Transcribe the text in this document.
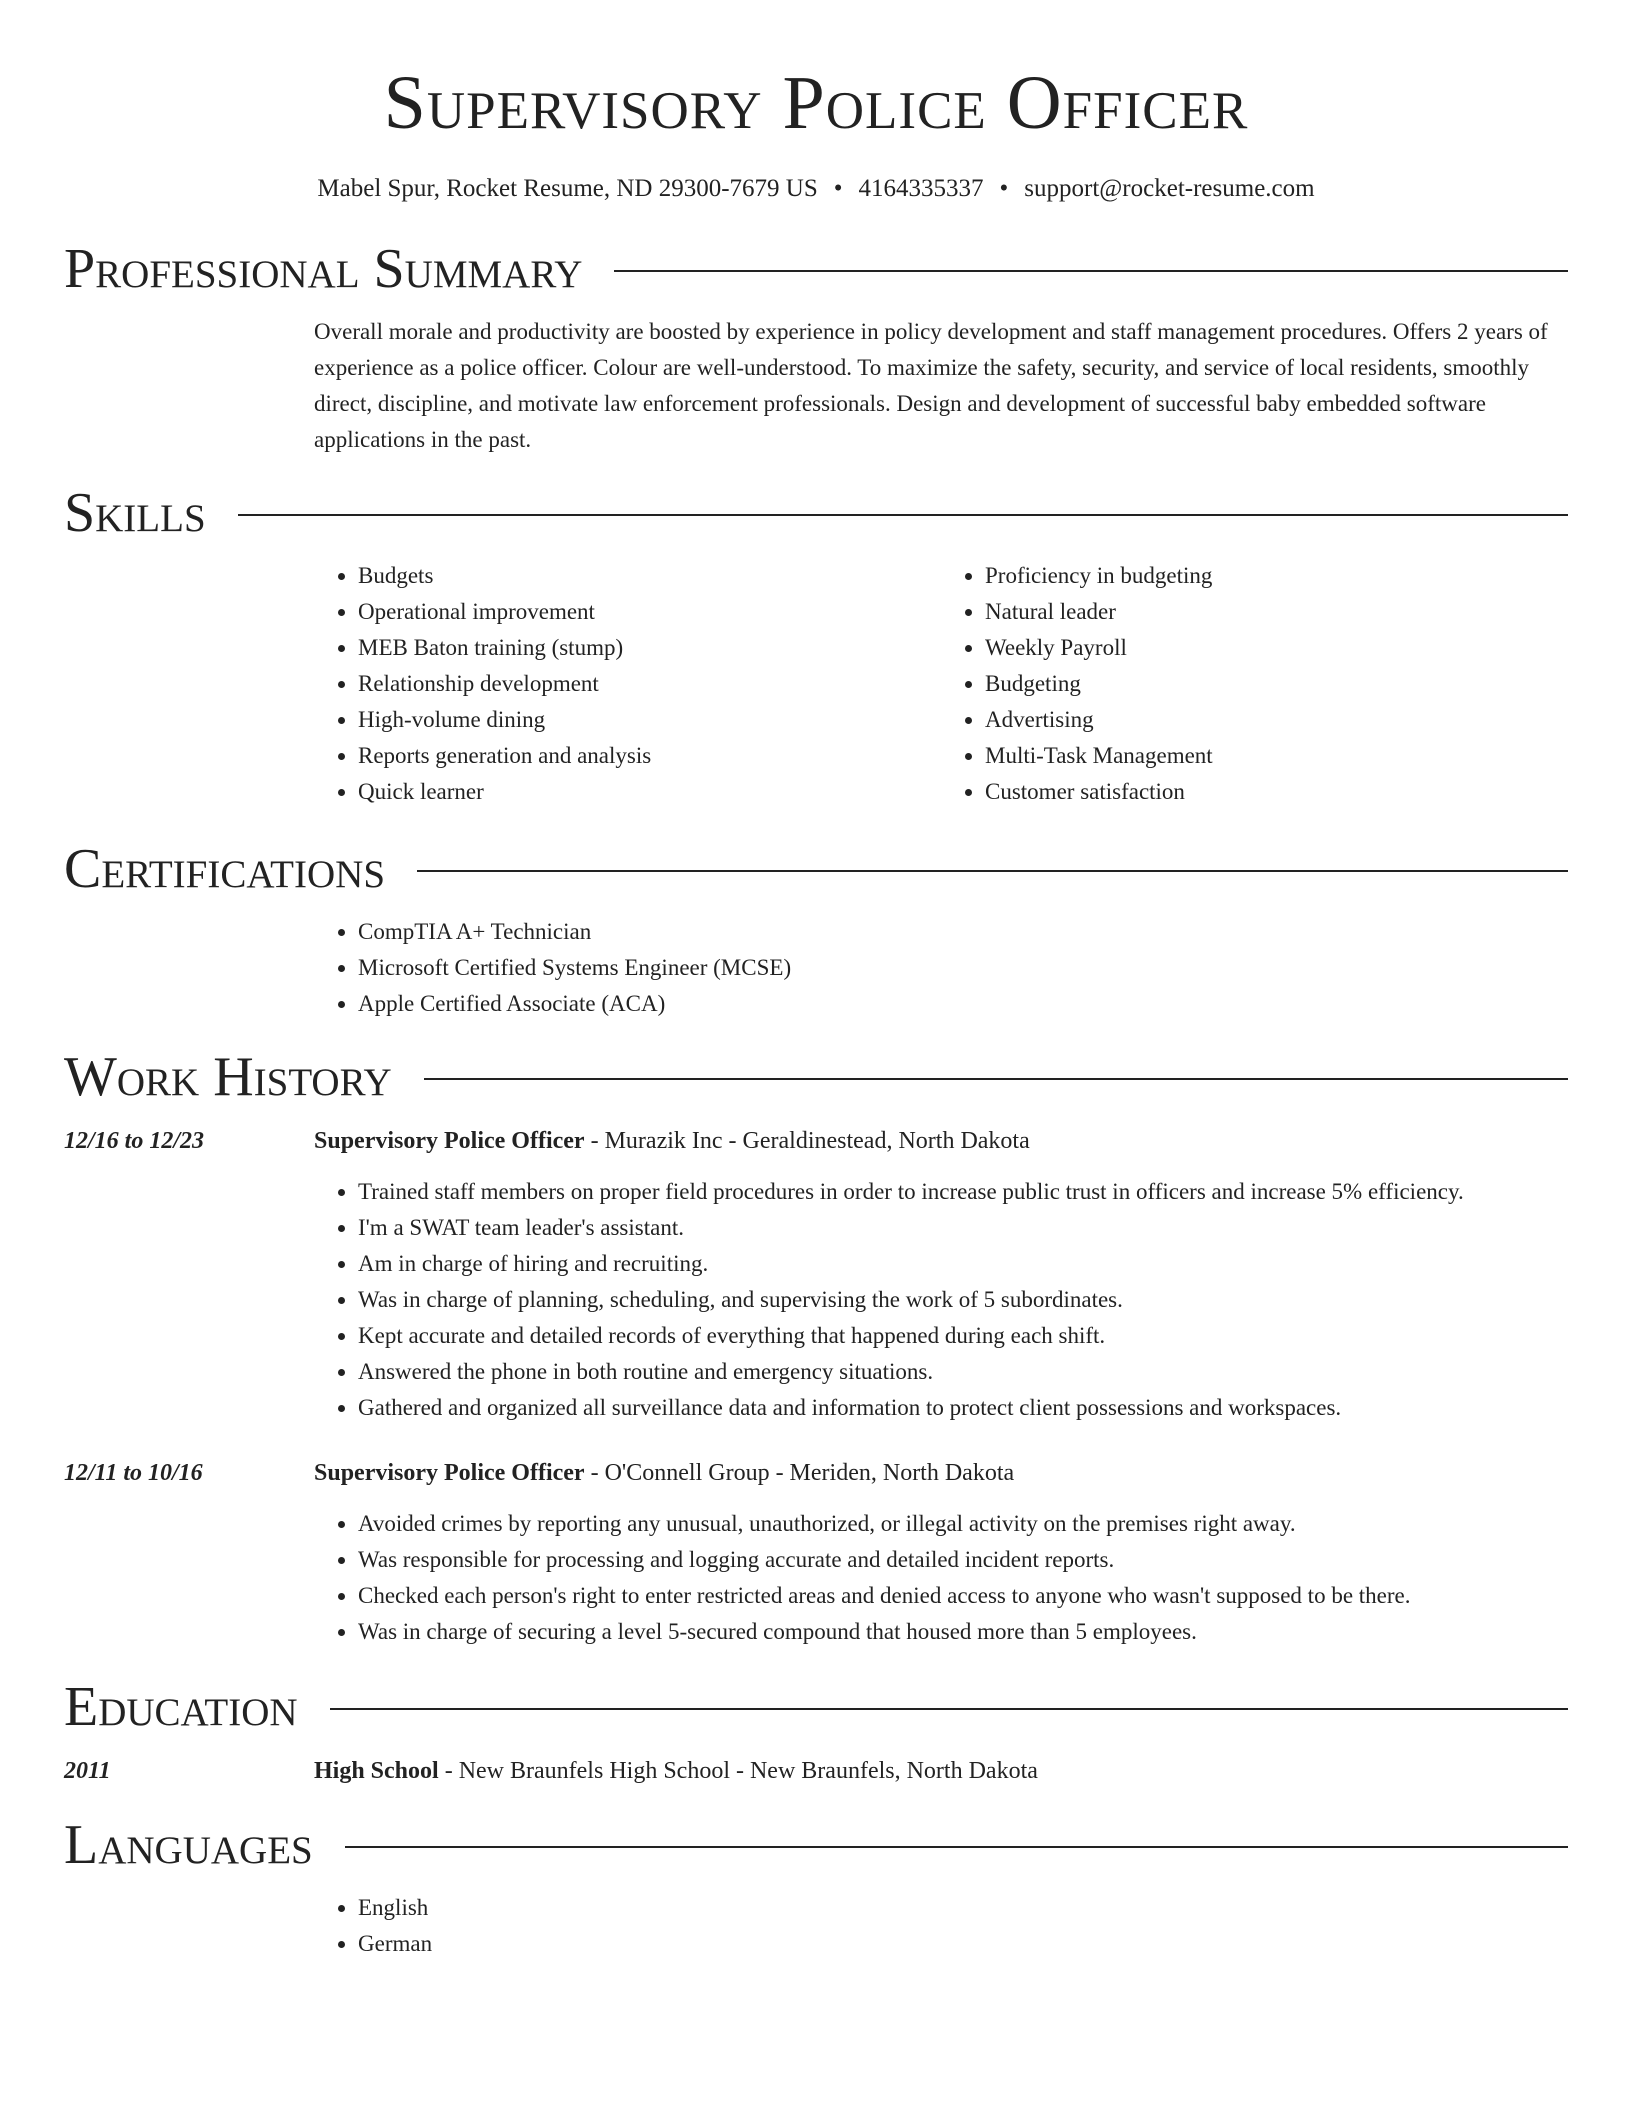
Supervisory Police Officer
Mabel Spur, Rocket Resume, ND 29300-7679 US • 4164335337 • support@rocket-resume.com
Professional Summary
Overall morale and productivity are boosted by experience in policy development and staff management procedures. Offers 2 years of experience as a police officer. Colour are well-understood. To maximize the safety, security, and service of local residents, smoothly direct, discipline, and motivate law enforcement professionals. Design and development of successful baby embedded software applications in the past.
Skills
• Budgets
• Operational improvement
• MEB Baton training (stump)
• Relationship development
• High-volume dining
• Reports generation and analysis
• Quick learner
• Proficiency in budgeting
• Natural leader
• Weekly Payroll
• Budgeting
• Advertising
• Multi-Task Management
• Customer satisfaction
Certifications
• CompTIA A+ Technician
• Microsoft Certified Systems Engineer (MCSE)
• Apple Certified Associate (ACA)
Work History
12/16 to 12/23	Supervisory Police Officer - Murazik Inc - Geraldinestead, North Dakota
• Trained staff members on proper field procedures in order to increase public trust in officers and increase 5% efficiency.
• I'm a SWAT team leader's assistant.
• Am in charge of hiring and recruiting.
• Was in charge of planning, scheduling, and supervising the work of 5 subordinates.
• Kept accurate and detailed records of everything that happened during each shift.
• Answered the phone in both routine and emergency situations.
• Gathered and organized all surveillance data and information to protect client possessions and workspaces.
12/11 to 10/16	Supervisory Police Officer - O'Connell Group - Meriden, North Dakota
• Avoided crimes by reporting any unusual, unauthorized, or illegal activity on the premises right away.
• Was responsible for processing and logging accurate and detailed incident reports.
• Checked each person's right to enter restricted areas and denied access to anyone who wasn't supposed to be there.
• Was in charge of securing a level 5-secured compound that housed more than 5 employees.
Education
2011	High School - New Braunfels High School - New Braunfels, North Dakota
Languages
• English
• German
